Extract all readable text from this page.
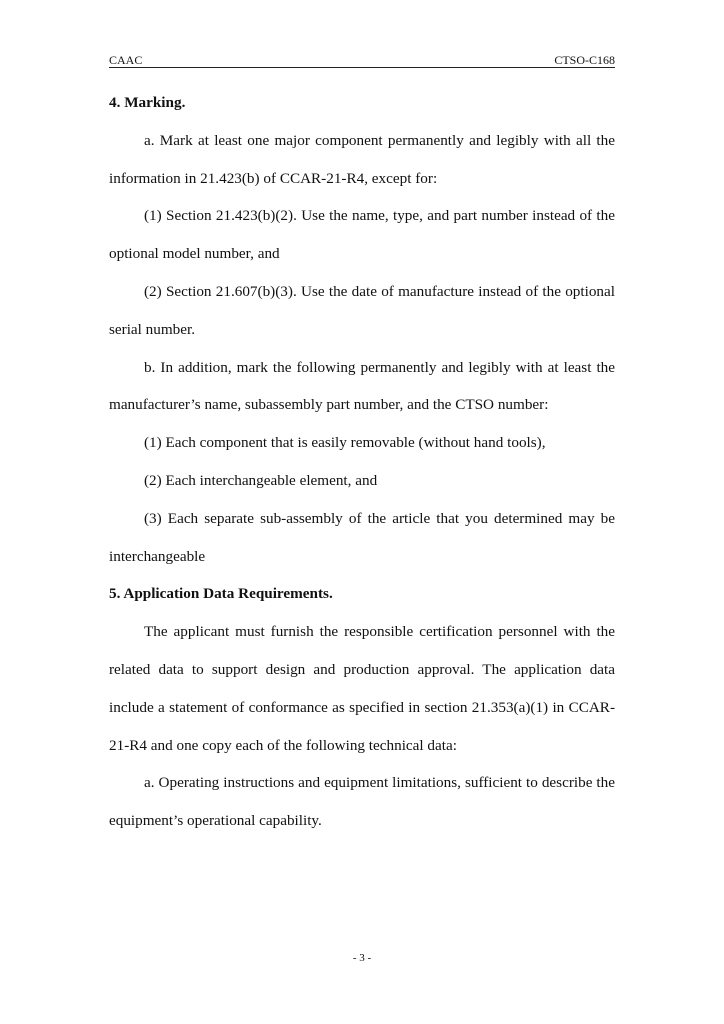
CAAC	CTSO-C168
4. Marking.

a. Mark at least one major component permanently and legibly with all the information in 21.423(b) of CCAR-21-R4, except for:

(1) Section 21.423(b)(2). Use the name, type, and part number instead of the optional model number, and

(2) Section 21.607(b)(3). Use the date of manufacture instead of the optional serial number.

b. In addition, mark the following permanently and legibly with at least the manufacturer’s name, subassembly part number, and the CTSO number:

(1) Each component that is easily removable (without hand tools),

(2) Each interchangeable element, and

(3) Each separate sub-assembly of the article that you determined may be interchangeable

5. Application Data Requirements.

The applicant must furnish the responsible certification personnel with the related data to support design and production approval. The application data include a statement of conformance as specified in section 21.353(a)(1) in CCAR-21-R4 and one copy each of the following technical data:

a. Operating instructions and equipment limitations, sufficient to describe the equipment’s operational capability.

- 3 -
